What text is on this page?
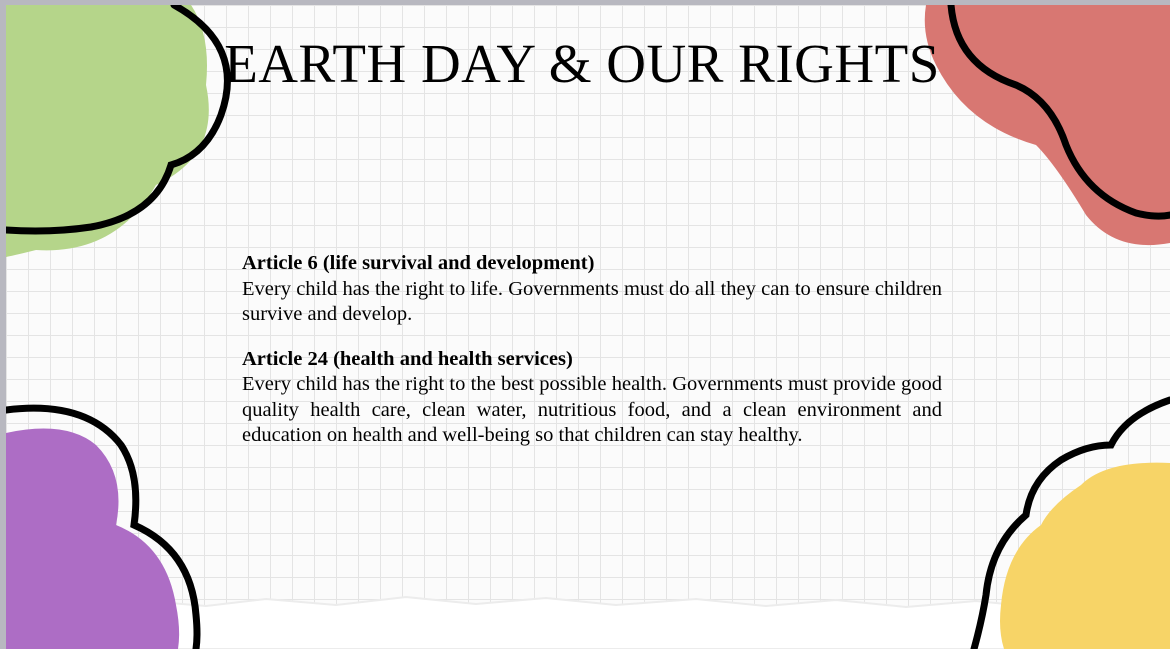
EARTH DAY & OUR RIGHTS
Article 6 (life survival and development)
Every child has the right to life. Governments must do all they can to ensure children survive and develop.
Article 24 (health and health services)
Every child has the right to the best possible health. Governments must provide good quality health care, clean water, nutritious food, and a clean environment and education on health and well-being so that children can stay healthy.
